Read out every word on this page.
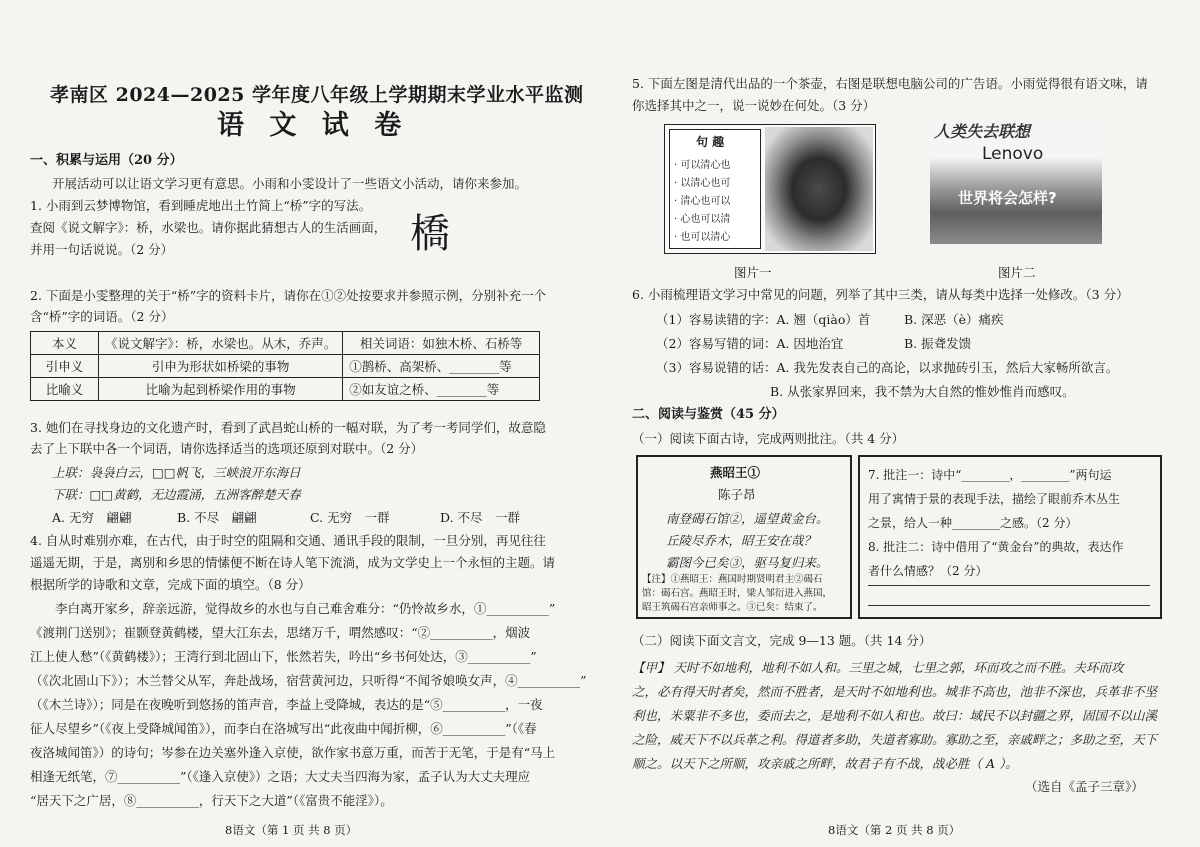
孝南区 2024—2025 学年度八年级上学期期末学业水平监测
语 文 试 卷
一、积累与运用（20 分）
开展活动可以让语文学习更有意思。小雨和小雯设计了一些语文小活动，请你来参加。
1. 小雨到云梦博物馆，看到睡虎地出土竹简上“桥”字的写法。
查阅《说文解字》：桥，水梁也。请你据此猜想古人的生活画面，
并用一句话说说。（2 分）	橋
2. 下面是小雯整理的关于“桥”字的资料卡片，请你在①②处按要求并参照示例，分别补充一个
含“桥”字的词语。（2 分）
本义	《说文解字》：桥，水梁也。从木，乔声。	相关词语：如独木桥、石桥等
引申义	引申为形状如桥梁的事物	①鹊桥、高架桥、________等
比喻义	比喻为起到桥梁作用的事物	②如友谊之桥、________等
3. 她们在寻找身边的文化遗产时，看到了武昌蛇山桥的一幅对联，为了考一考同学们，故意隐
去了上下联中各一个词语，请你选择适当的选项还原到对联中。（2 分）
上联：袅袅白云，□□帆飞，三峡浪开东海日
下联：□□黄鹤，无边霞涌，五洲客醉楚天春
A. 无穷　翩翩	B. 不尽　翩翩	C. 无穷　一群	D. 不尽　一群
4. 自从时难别亦难，在古代，由于时空的阻隔和交通、通讯手段的限制，一旦分别，再见往往
遥遥无期，于是，离别和乡思的情愫便不断在诗人笔下流淌，成为文学史上一个永恒的主题。请
根据所学的诗歌和文章，完成下面的填空。（8 分）
　　李白离开家乡，辞亲远游，觉得故乡的水也与自己难舍难分：“仍怜故乡水，①__________”
《渡荆门送别》；崔颢登黄鹤楼，望大江东去，思绪万千，喟然感叹：“②__________，烟波
江上使人愁”（《黄鹤楼》）；王湾行到北固山下，怅然若失，吟出“乡书何处达，③__________”
（《次北固山下》）；木兰替父从军，奔赴战场，宿营黄河边，只听得“不闻爷娘唤女声，④__________”
（《木兰诗》）；同是在夜晚听到悠扬的笛声音，李益上受降城，表达的是“⑤__________，一夜
征人尽望乡”（《夜上受降城闻笛》），而李白在洛城写出“此夜曲中闻折柳，⑥__________”（《春
夜洛城闻笛》）的诗句；岑参在边关塞外逢入京使，欲作家书意万重，而苦于无笔，于是有“马上
相逢无纸笔，⑦__________”（《逢入京使》）之语；大丈夫当四海为家，孟子认为大丈夫理应
“居天下之广居，⑧__________，行天下之大道”（《富贵不能淫》）。
8语文（第 1 页 共 8 页）
5. 下面左图是清代出品的一个茶壶，右图是联想电脑公司的广告语。小雨觉得很有语文味，请
你选择其中之一，说一说妙在何处。（3 分）
句 趣
· 可以清心也
· 以清心也可
· 清心也可以
· 心也可以清
· 也可以清心
图片一
人类失去联想
Lenovo
世界将会怎样?
图片二
6. 小雨梳理语文学习中常见的问题，列举了其中三类，请从每类中选择一处修改。（3 分）
（1）容易读错的字：A. 翘（qiào）首	B. 深恶（è）痛疾
（2）容易写错的词：A. 因地治宜	B. 振聋发馈
（3）容易说错的话：A. 我先发表自己的高论，以求抛砖引玉，然后大家畅所欲言。
B. 从张家界回来，我不禁为大自然的惟妙惟肖而感叹。
二、阅读与鉴赏（45 分）
（一）阅读下面古诗，完成两则批注。（共 4 分）
燕昭王①
陈子昂
南登碣石馆②，遥望黄金台。
丘陵尽乔木，昭王安在哉？
霸图今已矣③，驱马复归来。
【注】①燕昭王：燕国时期贤明君主②碣石
馆：碣石宫。燕昭王时，梁人邹衍进入燕国，
昭王筑碣石宫亲师事之。③已矣：结束了。
7. 批注一：诗中“________，________”两句运
用了寓情于景的表现手法，描绘了眼前乔木丛生
之景，给人一种________之感。（2 分）
8. 批注二：诗中借用了“黄金台”的典故，表达作
者什么情感？（2 分）
（二）阅读下面文言文，完成 9—13 题。（共 14 分）
【甲】 天时不如地利，地利不如人和。三里之城，七里之郭，环而攻之而不胜。夫环而攻
之，必有得天时者矣，然而不胜者，是天时不如地利也。城非不高也，池非不深也，兵革非不坚
利也，米粟非不多也，委而去之，是地利不如人和也。故曰：域民不以封疆之界，固国不以山溪
之险，威天下不以兵革之利。得道者多助，失道者寡助。寡助之至，亲戚畔之；多助之至，天下
顺之。以天下之所顺，攻亲戚之所畔，故君子有不战，战必胜（ A ）。
（选自《孟子三章》）
8语文（第 2 页 共 8 页）
